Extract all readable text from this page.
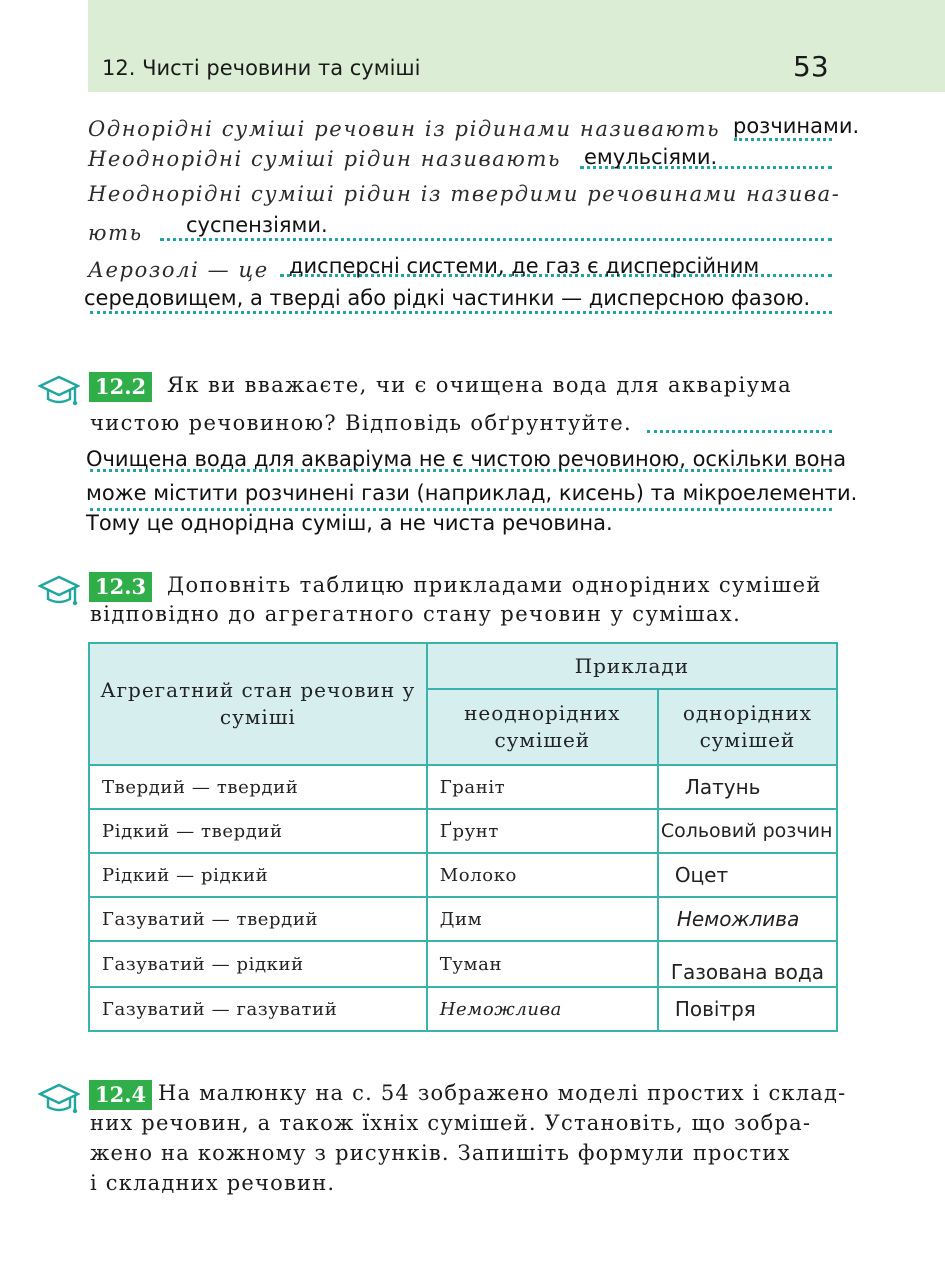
12. Чисті речовини та суміші	53
Однорідні суміші речовин із рідинами називають розчинами.
Неоднорідні суміші рідин називають емульсіями.
Неоднорідні суміші рідин із твердими речовинами назива-
ють суспензіями.
Аерозолі — це дисперсні системи, де газ є дисперсійним
середовищем, а тверді або рідкі частинки — дисперсною фазою.
12.2 Як ви вважаєте, чи є очищена вода для акваріума
чистою речовиною? Відповідь обґрунтуйте.
Очищена вода для акваріума не є чистою речовиною, оскільки вона
може містити розчинені гази (наприклад, кисень) та мікроелементи.
Тому це однорідна суміш, а не чиста речовина.
12.3 Доповніть таблицю прикладами однорідних сумішей
відповідно до агрегатного стану речовин у сумішах.
Агрегатний стан речовин у суміші	Приклади	
	неоднорідних сумішей	однорідних сумішей
Твердий — твердий	Граніт	Латунь
Рідкий — твердий	Ґрунт	Сольовий розчин
Рідкий — рідкий	Молоко	Оцет
Газуватий — твердий	Дим	Неможлива
Газуватий — рідкий	Туман	Газована вода
Газуватий — газуватий	Неможлива	Повітря
12.4 На малюнку на с. 54 зображено моделі простих і склад-
них речовин, а також їхніх сумішей. Установіть, що зобра-
жено на кожному з рисунків. Запишіть формули простих
і складних речовин.
